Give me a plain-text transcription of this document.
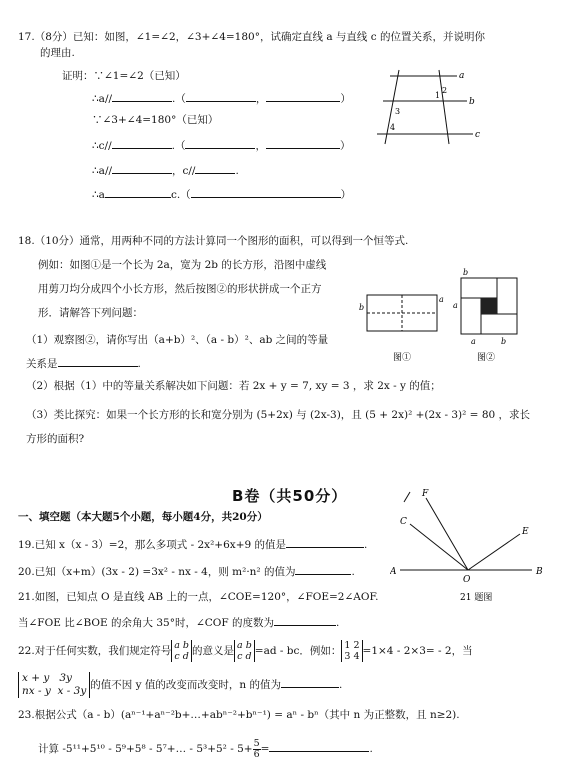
17.（8分）已知：如图，∠1=∠2，∠3+∠4=180°，试确定直线 a 与直线 c 的位置关系，并说明你
的理由.
证明：∵∠1=∠2（已知）
∴a//	.（	，	）
∵∠3+∠4=180°（已知）
∴c//	.（	，	）
∴a//	，c//	.
∴a	c.（	）
a
b
c
1
2
3
4
18.（10分）通常，用两种不同的方法计算同一个图形的面积，可以得到一个恒等式.
例如：如图①是一个长为 2a，宽为 2b 的长方形，沿图中虚线
用剪刀均分成四个小长方形，然后按图②的形状拼成一个正方
形．请解答下列问题：
（1）观察图②，请你写出（a+b）²、（a - b）²、ab 之间的等量
关系是	.
（2）根据（1）中的等量关系解决如下问题：若 2x + y = 7, xy = 3 ，求 2x - y 的值；
（3）类比探究：如果一个长方形的长和宽分别为 (5+2x) 与 (2x-3)，且 (5 + 2x)² +(2x - 3)² = 80 ，求长
方形的面积?
b
a
b
a
a	b
图①	图②
B卷（共50分）
一、填空题（本大题5个小题，每小题4分，共20分）
19.已知 x（x - 3）=2，那么多项式 - 2x²+6x+9 的值是	.
20.已知（x+m）(3x - 2) =3x² - nx - 4，则 m²·n² 的值为	.
21.如图，已知点 O 是直线 AB 上的一点，∠COE=120°，∠FOE=2∠AOF.
当∠FOE 比∠BOE 的余角大 35°时，∠COF 的度数为	.
F
C
E
A
O
B
21 题图
22.对于任何实数，我们规定符号 a b
c d 的意义是 a b
c d =ad - bc．例如： 1 2
3 4 =1×4 - 2×3= - 2，当
x + y 3y
nx - y x - 3y 的值不因 y 值的改变而改变时，n 的值为	.
23.根据公式（a - b）(aⁿ⁻¹+aⁿ⁻²b+…+abⁿ⁻²+bⁿ⁻¹) = aⁿ - bⁿ（其中 n 为正整数，且 n≥2).
计算 -5¹¹+5¹⁰ - 5⁹+5⁸ - 5⁷+… - $5^3+5^2 - 5+ \frac{5}{6}$ =	.
